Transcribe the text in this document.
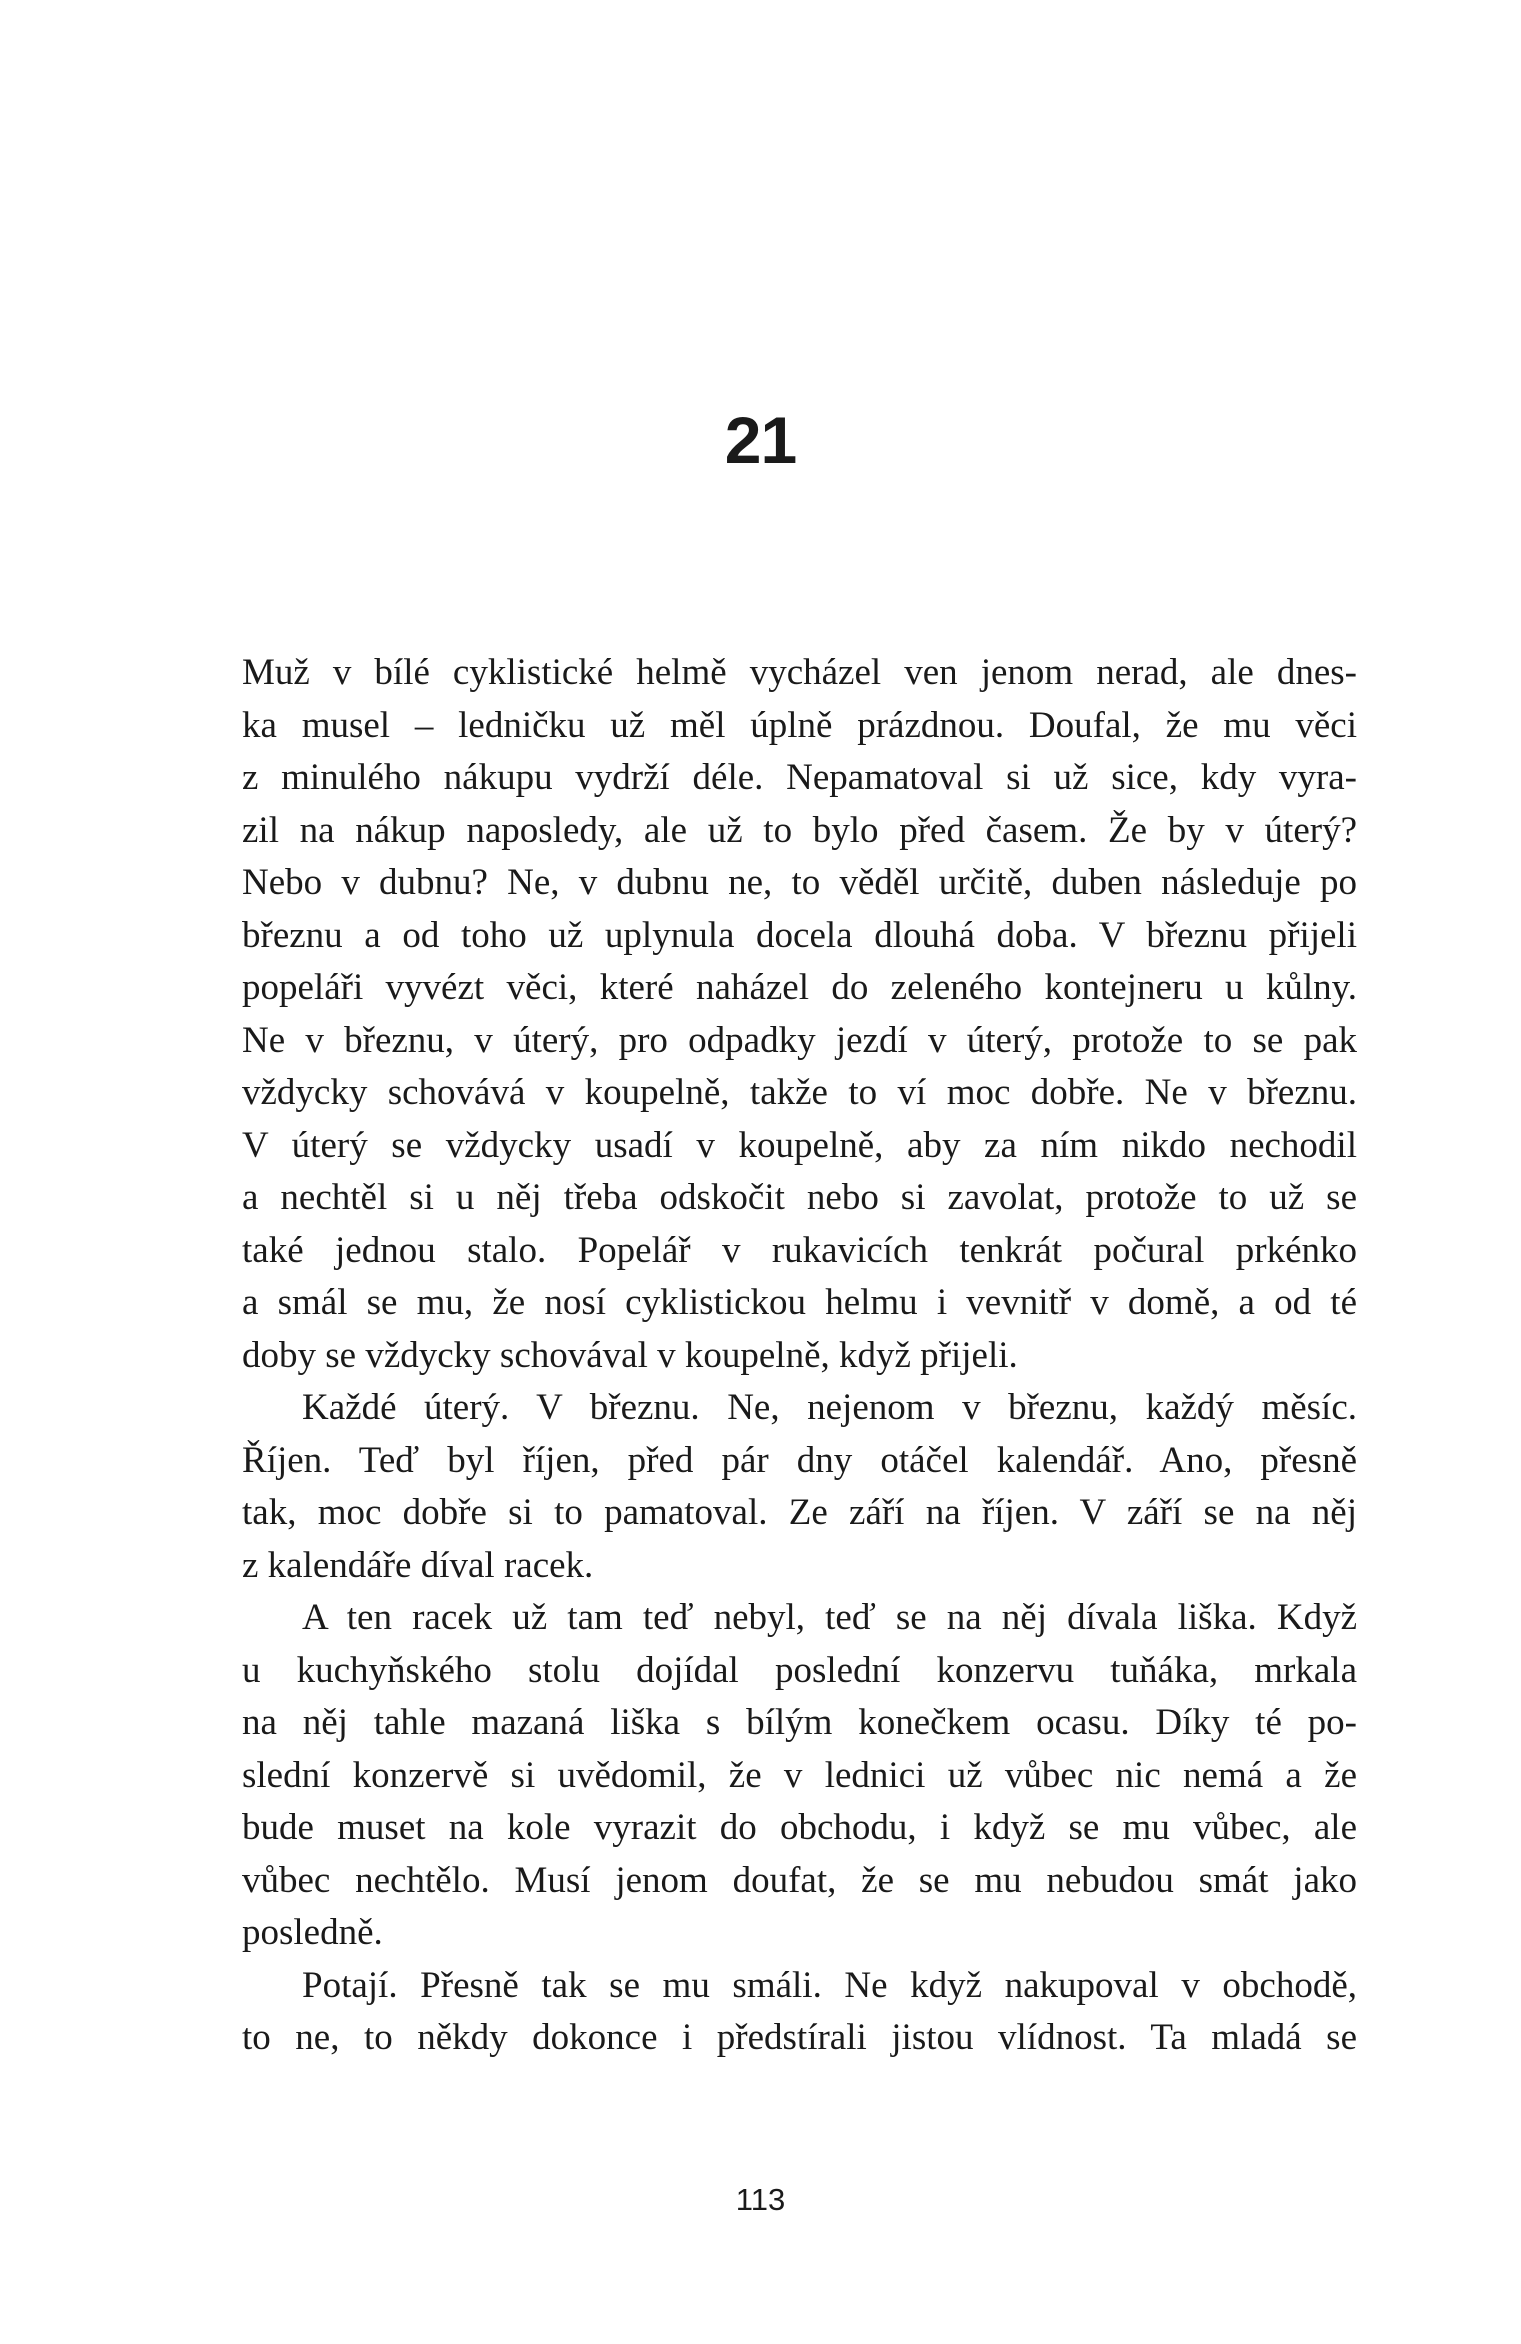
21
Muž v bílé cyklistické helmě vycházel ven jenom nerad, ale dnes-
ka musel – ledničku už měl úplně prázdnou. Doufal, že mu věci
z minulého nákupu vydrží déle. Nepamatoval si už sice, kdy vyra-
zil na nákup naposledy, ale už to bylo před časem. Že by v úterý?
Nebo v dubnu? Ne, v dubnu ne, to věděl určitě, duben následuje po
březnu a od toho už uplynula docela dlouhá doba. V březnu přijeli
popeláři vyvézt věci, které naházel do zeleného kontejneru u kůlny.
Ne v březnu, v úterý, pro odpadky jezdí v úterý, protože to se pak
vždycky schovává v koupelně, takže to ví moc dobře. Ne v březnu.
V úterý se vždycky usadí v koupelně, aby za ním nikdo nechodil
a nechtěl si u něj třeba odskočit nebo si zavolat, protože to už se
také jednou stalo. Popelář v rukavicích tenkrát počural prkénko
a smál se mu, že nosí cyklistickou helmu i vevnitř v domě, a od té
doby se vždycky schovával v koupelně, když přijeli.
Každé úterý. V březnu. Ne, nejenom v březnu, každý měsíc.
Říjen. Teď byl říjen, před pár dny otáčel kalendář. Ano, přesně
tak, moc dobře si to pamatoval. Ze září na říjen. V září se na něj
z kalendáře díval racek.
A ten racek už tam teď nebyl, teď se na něj dívala liška. Když
u kuchyňského stolu dojídal poslední konzervu tuňáka, mrkala
na něj tahle mazaná liška s bílým konečkem ocasu. Díky té po-
slední konzervě si uvědomil, že v lednici už vůbec nic nemá a že
bude muset na kole vyrazit do obchodu, i když se mu vůbec, ale
vůbec nechtělo. Musí jenom doufat, že se mu nebudou smát jako
posledně.
Potají. Přesně tak se mu smáli. Ne když nakupoval v obchodě,
to ne, to někdy dokonce i předstírali jistou vlídnost. Ta mladá se
113
